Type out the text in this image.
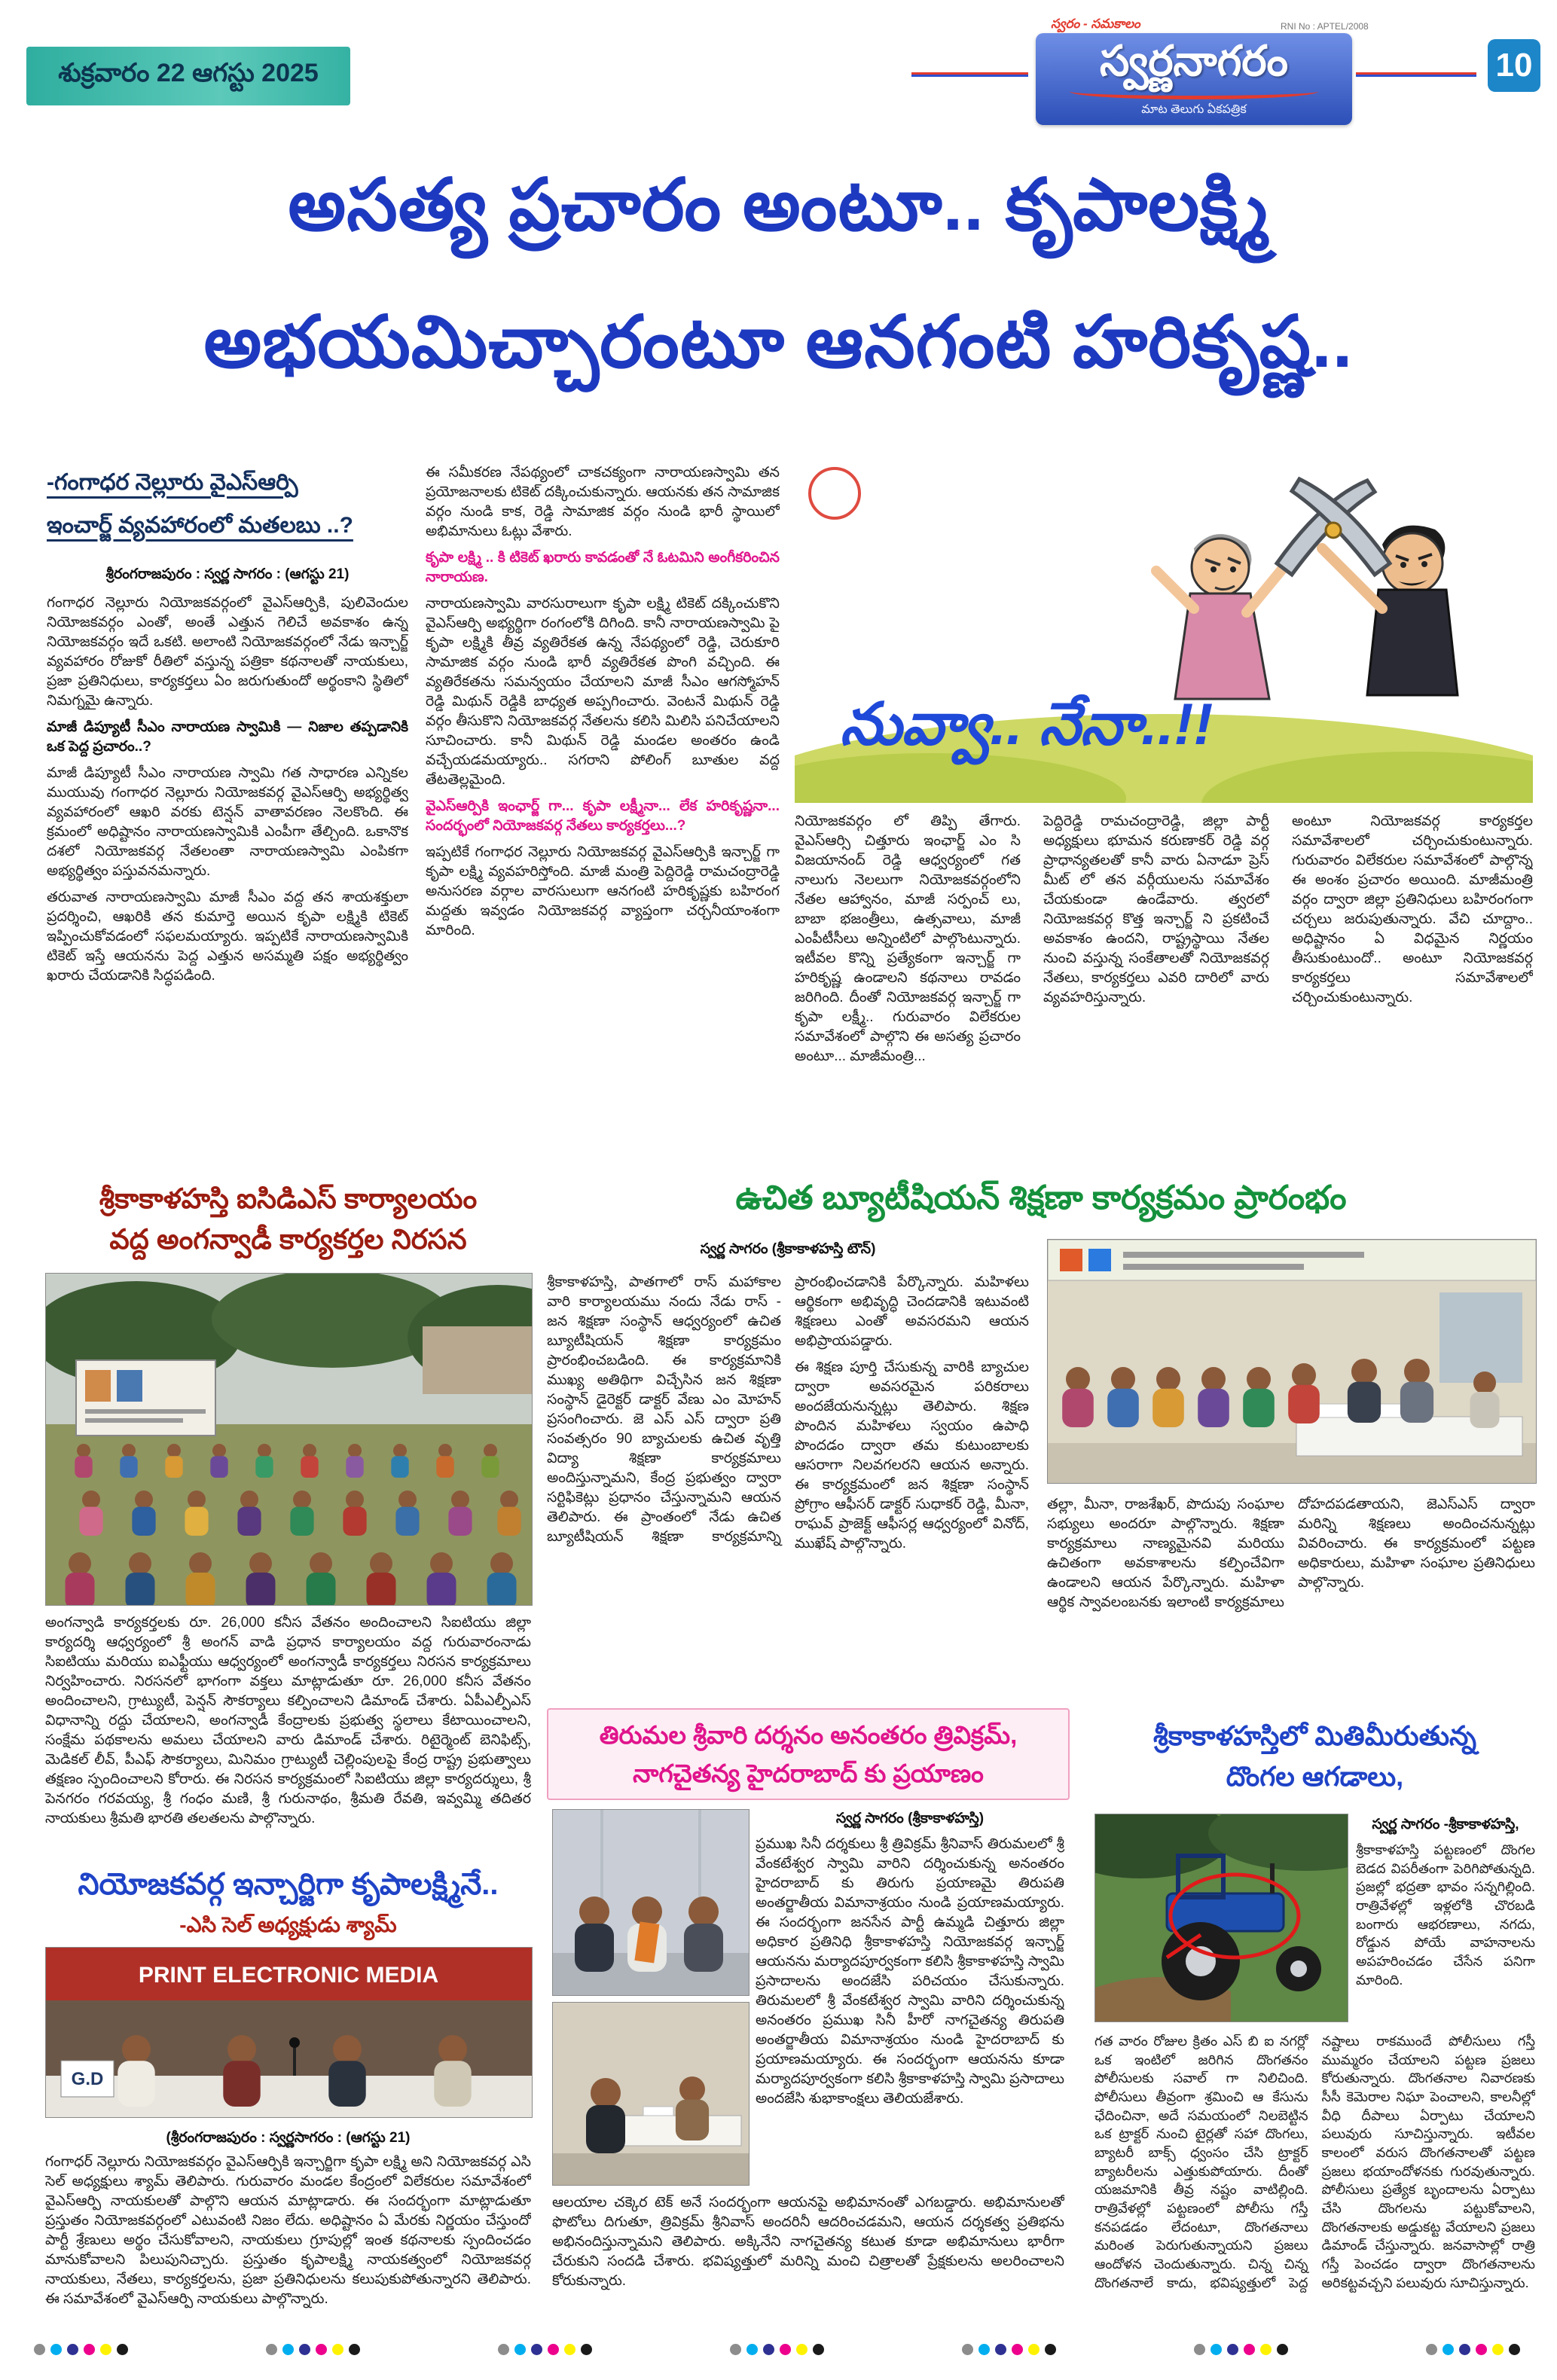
శుక్రవారం 22 ఆగస్టు 2025
స్వరం - సమకాలం	RNI No : APTEL/2008
స్వర్ణనాగరం
మాట తెలుగు ఏకపత్రిక
10
అసత్య ప్రచారం అంటూ.. కృపాలక్ష్మి
అభయమిచ్చారంటూ ఆనగంటి హరికృష్ణ..
-గంగాధర నెల్లూరు వైఎస్ఆర్పి
ఇంచార్జ్ వ్యవహారంలో మతలబు ..?
శ్రీరంగరాజపురం : స్వర్ణ సాగరం : (ఆగస్టు 21)

గంగాధర నెల్లూరు నియోజకవర్గంలో వైఎస్ఆర్పికి, పులివెందుల నియోజకవర్గం ఎంతో, అంతే ఎత్తున గెలిచే అవకాశం ఉన్న నియోజకవర్గం ఇదే ఒకటి. అలాంటి నియోజకవర్గంలో నేడు ఇన్చార్జ్ వ్యవహారం రోజుకో రీతిలో వస్తున్న పత్రికా కథనాలతో నాయకులు, ప్రజా ప్రతినిధులు, కార్యకర్తలు ఏం జరుగుతుందో అర్థంకాని స్థితిలో నిమగ్నమై ఉన్నారు.

మాజీ డిప్యూటీ సీఎం నారాయణ స్వామికి — నిజాల తప్పడానికి ఒక పెద్ద ప్రచారం..?

మాజీ డిప్యూటీ సీఎం నారాయణ స్వామి గత సాధారణ ఎన్నికల ముయువు గంగాధర నెల్లూరు నియోజకవర్గ వైఎస్ఆర్పి అభ్యర్థిత్వ వ్యవహారంలో ఆఖరి వరకు టెన్షన్ వాతావరణం నెలకొంది. ఈ క్రమంలో అధిష్టానం నారాయణస్వామికి ఎంపీగా తేల్చింది. ఒకానొక దశలో నియోజకవర్గ నేతలంతా నారాయణస్వామి ఎంపికగా అభ్యర్థిత్వం పస్తువనమన్నారు.

తరువాత నారాయణస్వామి మాజీ సీఎం వద్ద తన శాయశక్తులా ప్రదర్శించి, ఆఖరికి తన కుమార్తె అయిన కృపా లక్ష్మికి టికెట్ ఇప్పించుకోవడంలో సఫలమయ్యారు. ఇప్పటికే నారాయణస్వామికి టికెట్ ఇస్తే ఆయనను పెద్ద ఎత్తున అసమ్మతి పక్షం అభ్యర్థిత్వం ఖరారు చేయడానికి సిద్ధపడింది.

ఈ సమీకరణ నేపథ్యంలో చాకచక్యంగా నారాయణస్వామి తన ప్రయోజనాలకు టికెట్ దక్కించుకున్నారు. ఆయనకు తన సామాజిక వర్గం నుండి కాక, రెడ్డి సామాజిక వర్గం నుండి భారీ స్థాయిలో అభిమానులు ఓట్లు వేశారు.

కృపా లక్ష్మి .. కి టికెట్ ఖరారు కావడంతో నే ఓటమిని అంగీకరించిన నారాయణ.

నారాయణస్వామి వారసురాలుగా కృపా లక్ష్మి టికెట్ దక్కించుకొని వైఎస్ఆర్పి అభ్యర్థిగా రంగంలోకి దిగింది. కానీ నారాయణస్వామి పై కృపా లక్ష్మికి తీవ్ర వ్యతిరేకత ఉన్న నేపథ్యంలో రెడ్డి, చెరుకూరి సామాజిక వర్గం నుండి భారీ వ్యతిరేకత పొంగి వచ్చింది. ఈ వ్యతిరేకతను సమన్వయం చేయాలని మాజీ సీఎం ఆగస్మోహన్ రెడ్డి మిథున్ రెడ్డికి బాధ్యత అప్పగించారు. వెంటనే మిథున్ రెడ్డి వర్గం తీసుకొని నియోజకవర్గ నేతలను కలిసి మిలిసి పనిచేయాలని సూచించారు. కానీ మిథున్ రెడ్డి మండల అంతరం ఉండి వచ్చేయడమయ్యారు.. సగరాని పోలింగ్ బూతుల వద్ద తేటతెల్లమైంది.

వైఎస్ఆర్పికి ఇంఛార్జ్ గా... కృపా లక్ష్మీనా... లేక హరికృష్ణనా... సందర్భంలో నియోజకవర్గ నేతలు కార్యకర్తలు...?

ఇప్పటికే గంగాధర నెల్లూరు నియోజకవర్గ వైఎస్ఆర్పికి ఇన్చార్జ్ గా కృపా లక్ష్మి వ్యవహరిస్తోంది. మాజీ మంత్రి పెద్దిరెడ్డి రామచంద్రారెడ్డి అనుసరణ వర్గాల వారసులుగా ఆనగంటి హరికృష్ణకు బహిరంగ మద్దతు ఇవ్వడం నియోజకవర్గ వ్యాప్తంగా చర్చనీయాంశంగా మారింది.

నువ్వా.. నేనా..!!

నియోజకవర్గం లో తిప్పి తేగారు. వైఎస్ఆర్సి చిత్తూరు ఇంఛార్జ్ ఎం సి విజయానంద్ రెడ్డి ఆధ్వర్యంలో గత నాలుగు నెలలుగా నియోజకవర్గంలోని నేతల ఆహ్వానం, మాజీ సర్పంచ్ లు, బాబా భజంత్రీలు, ఉత్సవాలు, మాజీ ఎంపీటీసీలు అన్నింటిలో పాల్గొంటున్నారు. ఇటీవల కొన్ని ప్రత్యేకంగా ఇన్చార్జ్ గా హరికృష్ణ ఉండాలని కథనాలు రావడం జరిగింది. దీంతో నియోజకవర్గ ఇన్చార్జ్ గా కృపా లక్ష్మీ.. గురువారం విలేకరుల సమావేశంలో పాల్గొని ఈ అసత్య ప్రచారం అంటూ... మాజీమంత్రి...

పెద్దిరెడ్డి రామచంద్రారెడ్డి, జిల్లా పార్టీ అధ్యక్షులు భూమన కరుణాకర్ రెడ్డి వర్గ ప్రాధాన్యతలతో కానీ వారు ఏనాడూ ప్రెస్ మీట్ లో తన వర్గీయులను సమావేశం చేయకుండా ఉండేవారు. త్వరలో నియోజకవర్గ కొత్త ఇన్చార్జ్ ని ప్రకటించే అవకాశం ఉందని, రాష్ట్రస్థాయి నేతల నుంచి వస్తున్న సంకేతాలతో నియోజకవర్గ నేతలు, కార్యకర్తలు ఎవరి దారిలో వారు వ్యవహరిస్తున్నారు.

అంటూ నియోజకవర్గ కార్యకర్తల సమావేశాలలో చర్చించుకుంటున్నారు. గురువారం విలేకరుల సమావేశంలో పాల్గొన్న ఈ అంశం ప్రచారం అయింది. మాజీమంత్రి వర్గం ద్వారా జిల్లా ప్రతినిధులు బహిరంగంగా చర్చలు జరుపుతున్నారు. వేచి చూద్దాం.. అధిష్టానం ఏ విధమైన నిర్ణయం తీసుకుంటుందో.. అంటూ నియోజకవర్గ కార్యకర్తలు సమావేశాలలో చర్చించుకుంటున్నారు.

శ్రీకాకాళహస్తి ఐసిడిఎస్ కార్యాలయం
వద్ద అంగన్వాడీ కార్యకర్తల నిరసన

అంగన్వాడి కార్యకర్తలకు రూ. 26,000 కనీస వేతనం అందించాలని సిఐటియు జిల్లా కార్యదర్శి ఆధ్వర్యంలో శ్రీ అంగన్ వాడి ప్రధాన కార్యాలయం వద్ద గురువారంనాడు సిఐటియు మరియు ఐఎఫ్టీయు ఆధ్వర్యంలో అంగన్వాడీ కార్యకర్తలు నిరసన కార్యక్రమాలు నిర్వహించారు. నిరసనలో భాగంగా వక్తలు మాట్లాడుతూ రూ. 26,000 కనీస వేతనం అందించాలని, గ్రాట్యుటీ, పెన్షన్ సౌకర్యాలు కల్పించాలని డిమాండ్ చేశారు. ఏపీఎల్పీఎస్ విధానాన్ని రద్దు చేయాలని, అంగన్వాడీ కేంద్రాలకు ప్రభుత్వ స్థలాలు కేటాయించాలని, సంక్షేమ పథకాలను అమలు చేయాలని వారు డిమాండ్ చేశారు. రిటైర్మెంట్ బెనిఫిట్స్, మెడికల్ లీవ్, పీఎఫ్ సౌకర్యాలు, మినిమం గ్రాట్యుటీ చెల్లింపులపై కేంద్ర రాష్ట్ర ప్రభుత్వాలు తక్షణం స్పందించాలని కోరారు. ఈ నిరసన కార్యక్రమంలో సిఐటియు జిల్లా కార్యదర్శులు, శ్రీ పెనగరం గరవయ్య, శ్రీ గంధం మణి, శ్రీ గురునాథం, శ్రీమతి రేవతి, ఇవ్వమ్మి తదితర నాయకులు శ్రీమతి భారతి తలతలను పాల్గొన్నారు.

నియోజకవర్గ ఇన్చార్జిగా కృపాలక్ష్మినే..
-ఎసి సెల్ అధ్యక్షుడు శ్యామ్
PRINT ELECTRONIC MEDIA
G.D
(శ్రీరంగరాజపురం : స్వర్ణసాగరం : (ఆగస్టు 21)

గంగాధర్ నెల్లూరు నియోజకవర్గం వైఎస్ఆర్పికి ఇన్చార్జిగా కృపా లక్ష్మి అని నియోజకవర్గ ఎసి సెల్ అధ్యక్షులు శ్యామ్ తెలిపారు. గురువారం మండల కేంద్రంలో విలేకరుల సమావేశంలో వైఎస్ఆర్పి నాయకులతో పాల్గొని ఆయన మాట్లాడారు. ఈ సందర్భంగా మాట్లాడుతూ ప్రస్తుతం నియోజకవర్గంలో ఎటువంటి నిజం లేదు. అధిష్టానం ఏ మేరకు నిర్ణయం చేస్తుందో పార్టీ శ్రేణులు అర్థం చేసుకోవాలని, నాయకులు గ్రూపుల్లో ఇంత కథనాలకు స్పందించడం మానుకోవాలని పిలుపునిచ్చారు. ప్రస్తుతం కృపాలక్ష్మి నాయకత్వంలో నియోజకవర్గ నాయకులు, నేతలు, కార్యకర్తలను, ప్రజా ప్రతినిధులను కలుపుకుపోతున్నారని తెలిపారు. ఈ సమావేశంలో వైఎస్ఆర్పి నాయకులు పాల్గొన్నారు.

ఉచిత బ్యూటీషియన్ శిక్షణా కార్యక్రమం ప్రారంభం
స్వర్ణ సాగరం (శ్రీకాకాళహస్తి టౌన్)

శ్రీకాకాళహస్తి, పాతగాలో రాస్ మహాకాల వారి కార్యాలయము నందు నేడు రాస్ - జన శిక్షణా సంస్థాన్ ఆధ్వర్యంలో ఉచిత బ్యూటీషియన్ శిక్షణా కార్యక్రమం ప్రారంభించబడింది. ఈ కార్యక్రమానికి ముఖ్య అతిథిగా విచ్చేసిన జన శిక్షణా సంస్థాన్ డైరెక్టర్ డాక్టర్ వేణు ఎం మోహన్ ప్రసంగించారు. జె ఎస్ ఎస్ ద్వారా ప్రతి సంవత్సరం 90 బ్యాచులకు ఉచిత వృత్తి విద్యా శిక్షణా కార్యక్రమాలు అందిస్తున్నామని, కేంద్ర ప్రభుత్వం ద్వారా సర్టిఫికెట్లు ప్రధానం చేస్తున్నామని ఆయన తెలిపారు. ఈ ప్రాంతంలో నేడు ఉచిత బ్యూటీషియన్ శిక్షణా కార్యక్రమాన్ని ప్రారంభించడానికి పేర్కొన్నారు. మహిళలు ఆర్థికంగా అభివృద్ధి చెందడానికి ఇటువంటి శిక్షణలు ఎంతో అవసరమని ఆయన అభిప్రాయపడ్డారు.

ఈ శిక్షణ పూర్తి చేసుకున్న వారికి బ్యాచుల ద్వారా అవసరమైన పరికరాలు అందజేయనున్నట్లు తెలిపారు. శిక్షణ పొందిన మహిళలు స్వయం ఉపాధి పొందడం ద్వారా తమ కుటుంబాలకు ఆసరాగా నిలవగలరని ఆయన అన్నారు. ఈ కార్యక్రమంలో జన శిక్షణా సంస్థాన్ ప్రోగ్రాం ఆఫీసర్ డాక్టర్ సుధాకర్ రెడ్డి, మీనా, రాఘవ్ ప్రాజెక్ట్ ఆఫీసర్ల ఆధ్వర్యంలో వినోద్, ముఖేష్ పాల్గొన్నారు.

తల్లా, మీనా, రాజశేఖర్, పొదుపు సంఘాల సభ్యులు అందరూ పాల్గొన్నారు. శిక్షణా కార్యక్రమాలు నాణ్యమైనవి మరియు ఉచితంగా అవకాశాలను కల్పించేవిగా ఉండాలని ఆయన పేర్కొన్నారు. మహిళా ఆర్థిక స్వావలంబనకు ఇలాంటి కార్యక్రమాలు దోహదపడతాయని, జెఎస్ఎస్ ద్వారా మరిన్ని శిక్షణలు అందించనున్నట్లు వివరించారు. ఈ కార్యక్రమంలో పట్టణ అధికారులు, మహిళా సంఘాల ప్రతినిధులు పాల్గొన్నారు.

తిరుమల శ్రీవారి దర్శనం అనంతరం త్రివిక్రమ్,
నాగచైతన్య హైదరాబాద్ కు ప్రయాణం
స్వర్ణ సాగరం (శ్రీకాకాళహస్తి)

ప్రముఖ సినీ దర్శకులు శ్రీ త్రివిక్రమ్ శ్రీనివాస్ తిరుమలలో శ్రీ వేంకటేశ్వర స్వామి వారిని దర్శించుకున్న అనంతరం హైదరాబాద్ కు తిరుగు ప్రయాణమై తిరుపతి అంతర్జాతీయ విమానాశ్రయం నుండి ప్రయాణమయ్యారు. ఈ సందర్భంగా జనసేన పార్టీ ఉమ్మడి చిత్తూరు జిల్లా అధికార ప్రతినిధి శ్రీకాకాళహస్తి నియోజకవర్గ ఇన్చార్జ్ ఆయనను మర్యాదపూర్వకంగా కలిసి శ్రీకాకాళహస్తి స్వామి ప్రసాదాలను అందజేసి పరిచయం చేసుకున్నారు. తిరుమలలో శ్రీ వేంకటేశ్వర స్వామి వారిని దర్శించుకున్న అనంతరం ప్రముఖ సినీ హీరో నాగచైతన్య తిరుపతి అంతర్జాతీయ విమానాశ్రయం నుండి హైదరాబాద్ కు ప్రయాణమయ్యారు. ఈ సందర్భంగా ఆయనను కూడా మర్యాదపూర్వకంగా కలిసి శ్రీకాకాళహస్తి స్వామి ప్రసాదాలు అందజేసి శుభాకాంక్షలు తెలియజేశారు.

ఆలయాల చక్కెర టెక్ అనే సందర్భంగా ఆయనపై అభిమానంతో ఎగబడ్డారు. అభిమానులతో ఫొటోలు దిగుతూ, త్రివిక్రమ్ శ్రీనివాస్ అందరినీ ఆదరించడమని, ఆయన దర్శకత్వ ప్రతిభను అభినందిస్తున్నామని తెలిపారు. అక్కినేని నాగచైతన్య కటుత కూడా అభిమానులు భారీగా చేరుకుని సందడి చేశారు. భవిష్యత్తులో మరిన్ని మంచి చిత్రాలతో ప్రేక్షకులను అలరించాలని కోరుకున్నారు.

శ్రీకాకాళహస్తిలో మితిమీరుతున్న
దొంగల ఆగడాలు,
స్వర్ణ సాగరం -శ్రీకాకాళహస్తి,

శ్రీకాకాళహస్తి పట్టణంలో దొంగల బెడద విపరీతంగా పెరిగిపోతున్నది. ప్రజల్లో భద్రతా భావం సన్నగిల్లింది. రాత్రివేళల్లో ఇళ్లలోకి చొరబడి బంగారు ఆభరణాలు, నగదు, రోడ్డున పోయే వాహనాలను అపహరించడం చేసేన పనిగా మారింది.

గత వారం రోజుల క్రితం ఎస్ బి ఐ నగర్లో ఒక ఇంటిలో జరిగిన దొంగతనం పోలీసులకు సవాల్ గా నిలిచింది. పోలీసులు తీవ్రంగా శ్రమించి ఆ కేసును ఛేదించినా, అదే సమయంలో నిలబెట్టిన ఒక ట్రాక్టర్ నుంచి టైర్లతో సహా దొంగలు, బ్యాటరీ బాక్స్ ధ్వంసం చేసి ట్రాక్టర్ బ్యాటరీలను ఎత్తుకుపోయారు. దీంతో యజమానికి తీవ్ర నష్టం వాటిల్లింది. రాత్రివేళల్లో పట్టణంలో పోలీసు గస్తీ కనపడడం లేదంటూ, దొంగతనాలు మరింత పెరుగుతున్నాయని ప్రజలు ఆందోళన చెందుతున్నారు. చిన్న చిన్న దొంగతనాలే కాదు, భవిష్యత్తులో పెద్ద నష్టాలు రాకముందే పోలీసులు గస్తీ ముమ్మరం చేయాలని పట్టణ ప్రజలు కోరుతున్నారు. దొంగతనాల నివారణకు సీసీ కెమెరాల నిఘా పెంచాలని, కాలనీల్లో వీధి దీపాలు ఏర్పాటు చేయాలని పలువురు సూచిస్తున్నారు. ఇటీవల కాలంలో వరుస దొంగతనాలతో పట్టణ ప్రజలు భయాందోళనకు గురవుతున్నారు. పోలీసులు ప్రత్యేక బృందాలను ఏర్పాటు చేసి దొంగలను పట్టుకోవాలని, దొంగతనాలకు అడ్డుకట్ట వేయాలని ప్రజలు డిమాండ్ చేస్తున్నారు. జనవాసాల్లో రాత్రి గస్తీ పెంచడం ద్వారా దొంగతనాలను అరికట్టవచ్చని పలువురు సూచిస్తున్నారు.
